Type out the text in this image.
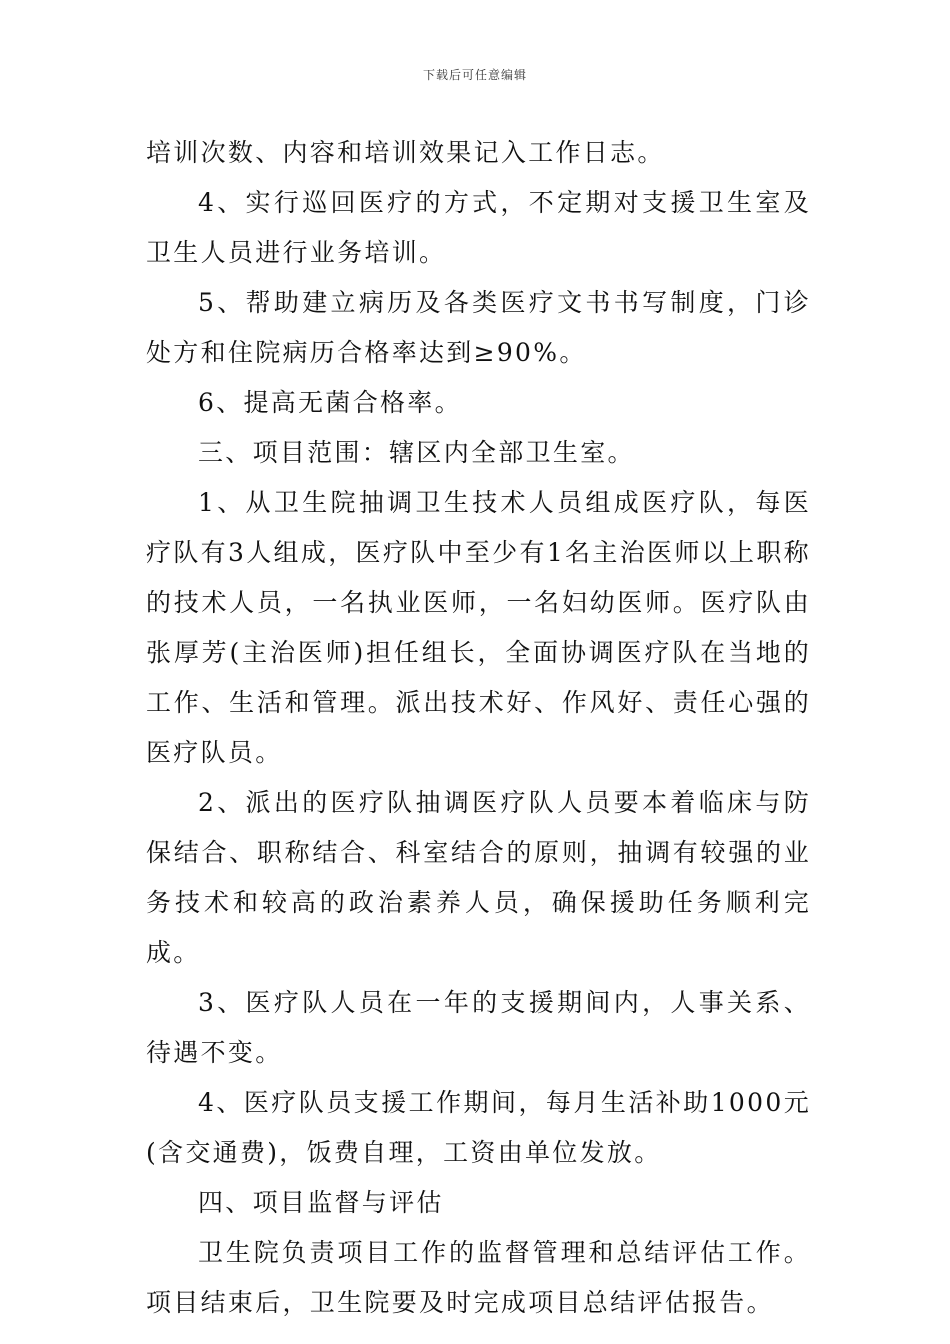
下载后可任意编辑

培训次数、内容和培训效果记入工作日志。

4、实行巡回医疗的方式，不定期对支援卫生室及卫生人员进行业务培训。

5、帮助建立病历及各类医疗文书书写制度，门诊处方和住院病历合格率达到≥90%。

6、提高无菌合格率。

三、项目范围：辖区内全部卫生室。

1、从卫生院抽调卫生技术人员组成医疗队，每医疗队有3人组成，医疗队中至少有1名主治医师以上职称的技术人员，一名执业医师，一名妇幼医师。医疗队由张厚芳(主治医师)担任组长，全面协调医疗队在当地的工作、生活和管理。派出技术好、作风好、责任心强的医疗队员。

2、派出的医疗队抽调医疗队人员要本着临床与防保结合、职称结合、科室结合的原则，抽调有较强的业务技术和较高的政治素养人员，确保援助任务顺利完成。

3、医疗队人员在一年的支援期间内，人事关系、待遇不变。

4、医疗队员支援工作期间，每月生活补助1000元(含交通费)，饭费自理，工资由单位发放。

四、项目监督与评估

卫生院负责项目工作的监督管理和总结评估工作。项目结束后，卫生院要及时完成项目总结评估报告。
